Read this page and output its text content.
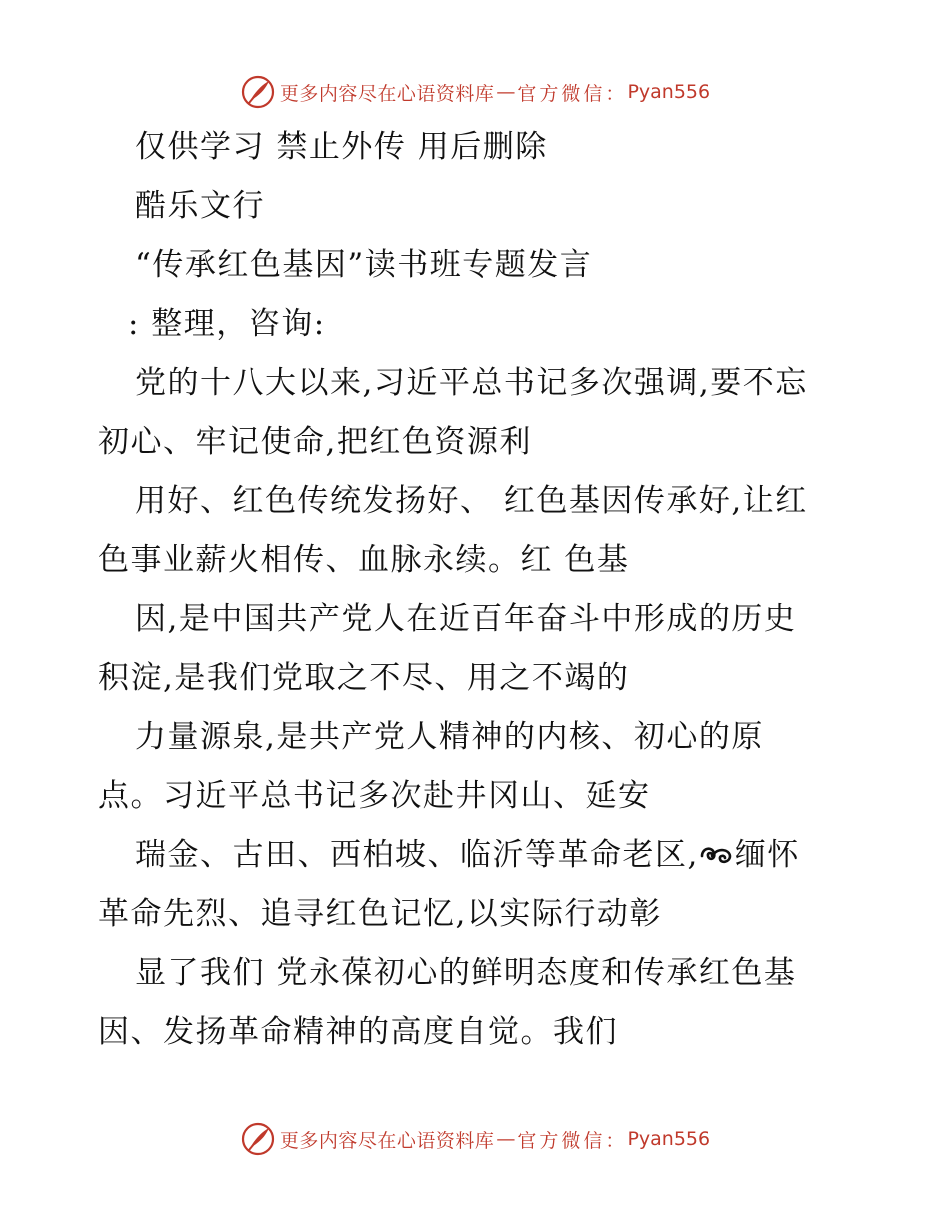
更多内容尽在心语资料库 — 官方微信： Pyan556
仅供学习 禁止外传 用后删除
酷乐文行
“传承红色基因”读书班专题发言
: 整理，咨询:
党的十八大以来,习近平总书记多次强调,要不忘
初心、牢记使命,把红色资源利
用好、红色传统发扬好、 红色基因传承好,让红
色事业薪火相传、血脉永续。红 色基
因,是中国共产党人在近百年奋斗中形成的历史
积淀,是我们党取之不尽、用之不竭的
力量源泉,是共产党人精神的内核、初心的原
点。习近平总书记多次赴井冈山、延安
瑞金、古田、西柏坡、临沂等革命老区, 缅怀
革命先烈、追寻红色记忆,以实际行动彰
显了我们 党永葆初心的鲜明态度和传承红色基
因、发扬革命精神的高度自觉。我们
更多内容尽在心语资料库 — 官方微信： Pyan556
